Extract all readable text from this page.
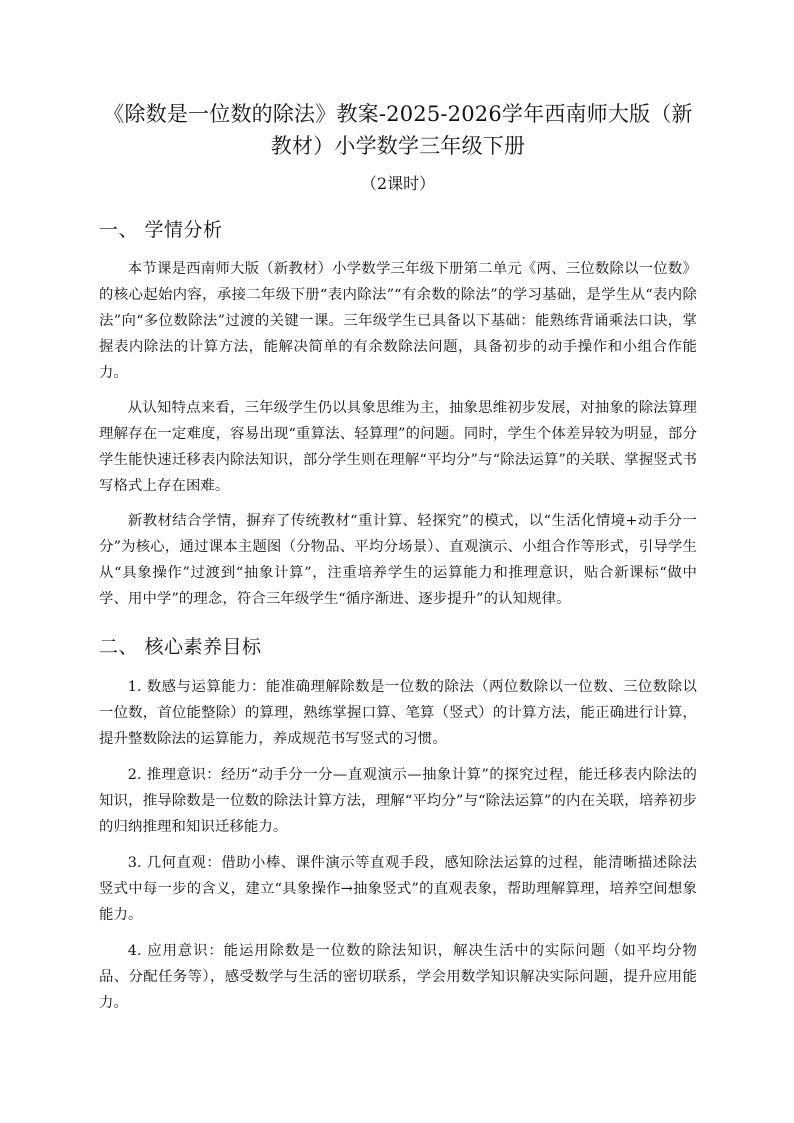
《除数是一位数的除法》教案-2025-2026学年西南师大版（新教材）小学数学三年级下册
（2课时）
一、 学情分析

本节课是西南师大版（新教材）小学数学三年级下册第二单元《两、三位数除以一位数》的核心起始内容，承接二年级下册“表内除法”“有余数的除法”的学习基础，是学生从“表内除法”向“多位数除法”过渡的关键一课。三年级学生已具备以下基础：能熟练背诵乘法口诀，掌握表内除法的计算方法，能解决简单的有余数除法问题，具备初步的动手操作和小组合作能力。

从认知特点来看，三年级学生仍以具象思维为主，抽象思维初步发展，对抽象的除法算理理解存在一定难度，容易出现“重算法、轻算理”的问题。同时，学生个体差异较为明显，部分学生能快速迁移表内除法知识，部分学生则在理解“平均分”与“除法运算”的关联、掌握竖式书写格式上存在困难。

新教材结合学情，摒弃了传统教材“重计算、轻探究”的模式，以“生活化情境+动手分一分”为核心，通过课本主题图（分物品、平均分场景）、直观演示、小组合作等形式，引导学生从“具象操作”过渡到“抽象计算”，注重培养学生的运算能力和推理意识，贴合新课标“做中学、用中学”的理念，符合三年级学生“循序渐进、逐步提升”的认知规律。

二、 核心素养目标

1. 数感与运算能力：能准确理解除数是一位数的除法（两位数除以一位数、三位数除以一位数，首位能整除）的算理，熟练掌握口算、笔算（竖式）的计算方法，能正确进行计算，提升整数除法的运算能力，养成规范书写竖式的习惯。

2. 推理意识：经历“动手分一分—直观演示—抽象计算”的探究过程，能迁移表内除法的知识，推导除数是一位数的除法计算方法，理解“平均分”与“除法运算”的内在关联，培养初步的归纳推理和知识迁移能力。

3. 几何直观：借助小棒、课件演示等直观手段，感知除法运算的过程，能清晰描述除法竖式中每一步的含义，建立“具象操作→抽象竖式”的直观表象，帮助理解算理，培养空间想象能力。

4. 应用意识：能运用除数是一位数的除法知识，解决生活中的实际问题（如平均分物品、分配任务等），感受数学与生活的密切联系，学会用数学知识解决实际问题，提升应用能力。
